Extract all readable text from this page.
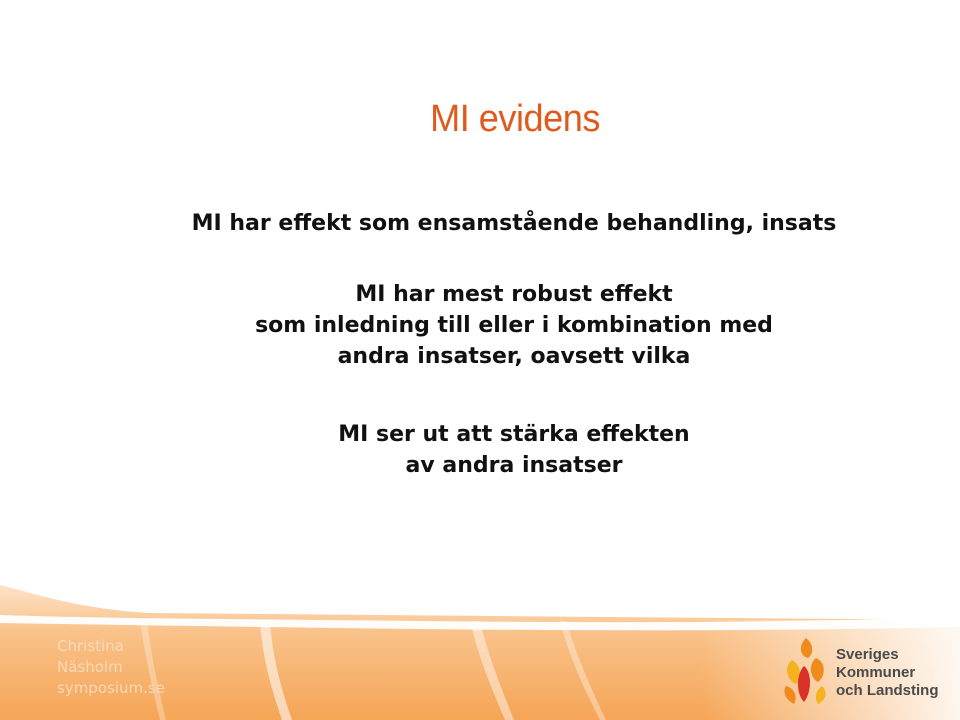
MI evidens
MI har effekt som ensamstående behandling, insats
MI har mest robust effekt
som inledning till eller i kombination med
andra insatser, oavsett vilka
MI ser ut att stärka effekten
av andra insatser
Christina
Näsholm
symposium.se
Sveriges
Kommuner
och Landsting
